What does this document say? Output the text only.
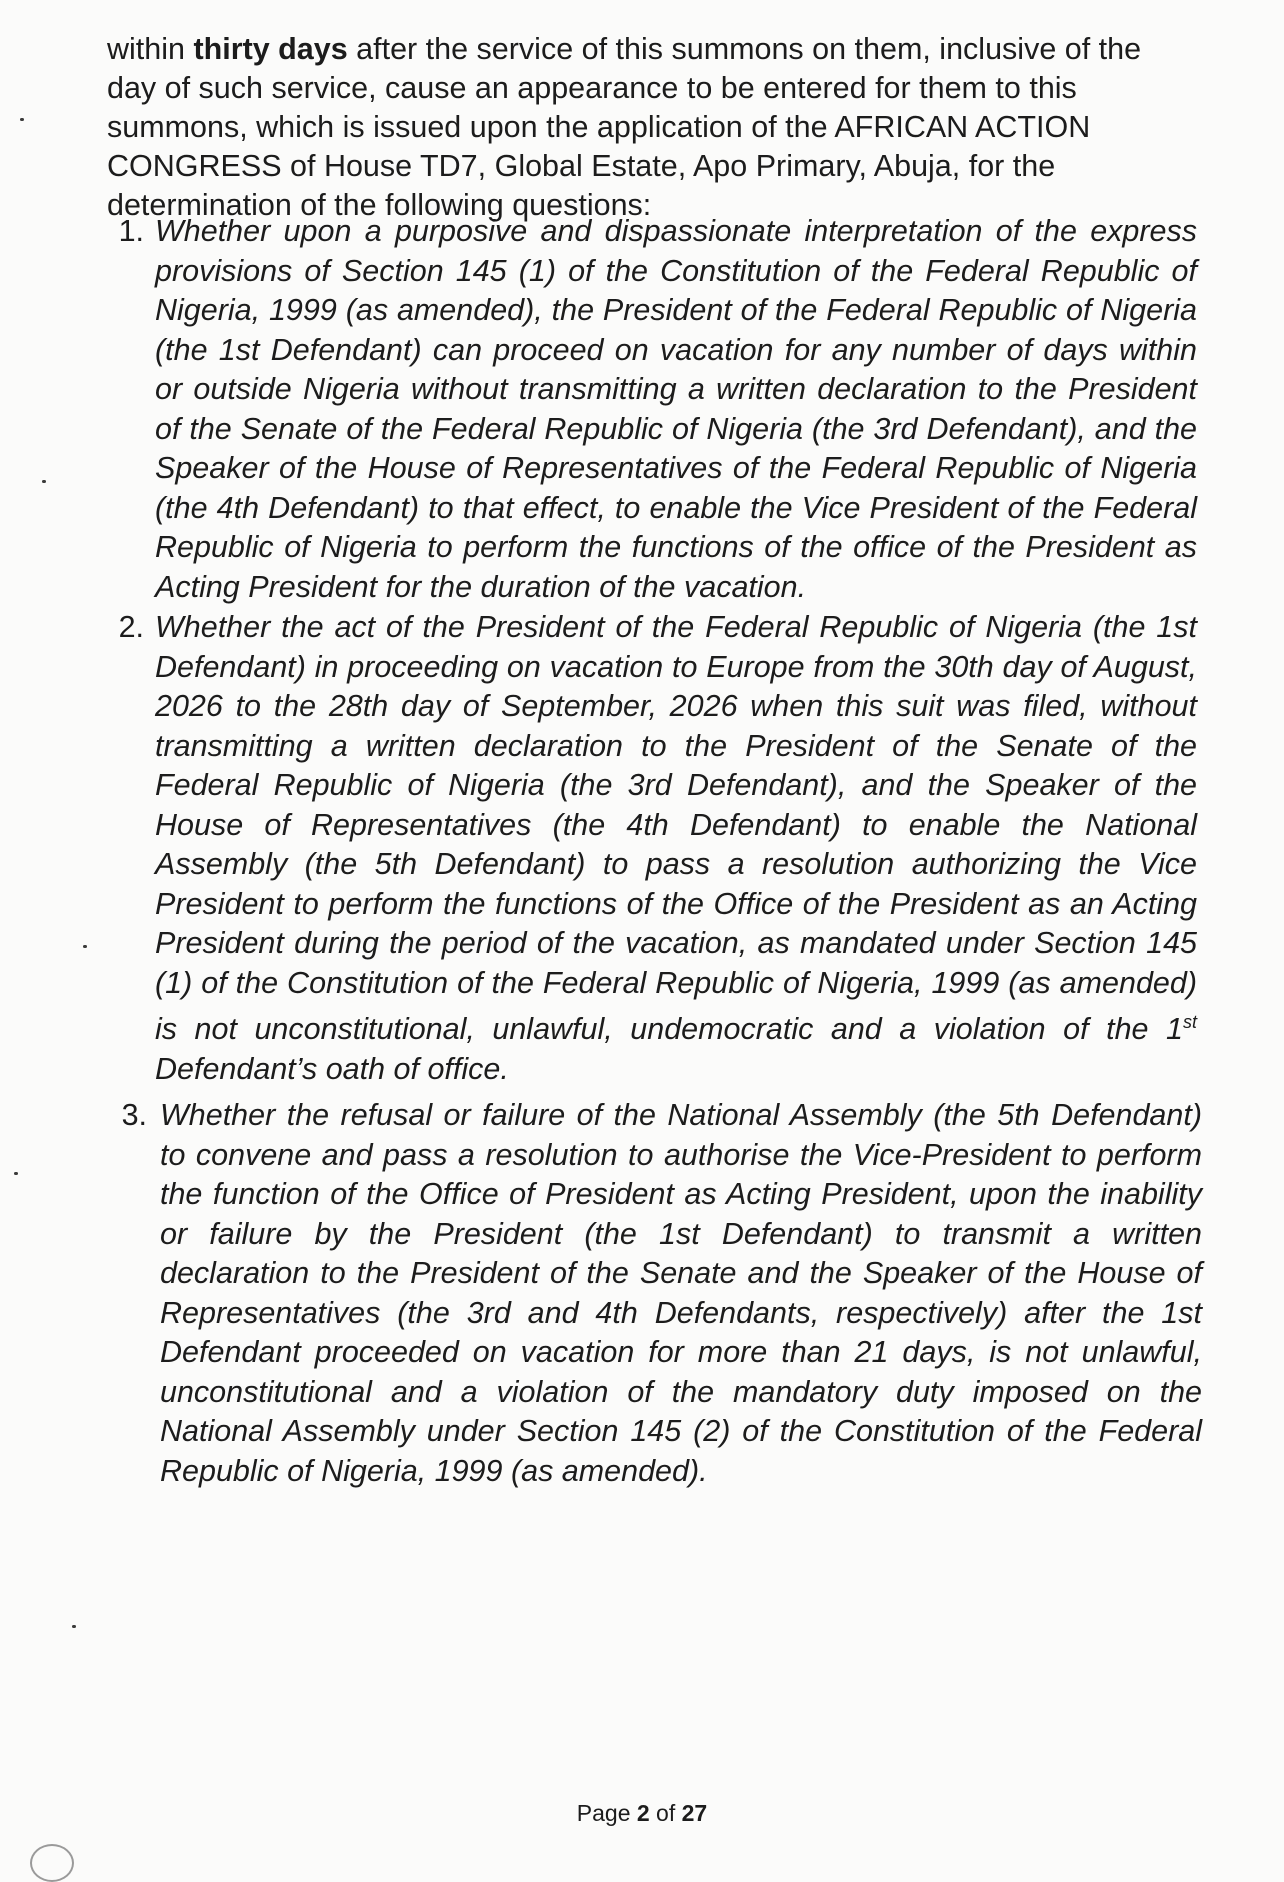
within thirty days after the service of this summons on them, inclusive of the day of such service, cause an appearance to be entered for them to this summons, which is issued upon the application of the AFRICAN ACTION CONGRESS of House TD7, Global Estate, Apo Primary, Abuja, for the determination of the following questions:

1. Whether upon a purposive and dispassionate interpretation of the express provisions of Section 145 (1) of the Constitution of the Federal Republic of Nigeria, 1999 (as amended), the President of the Federal Republic of Nigeria (the 1st Defendant) can proceed on vacation for any number of days within or outside Nigeria without transmitting a written declaration to the President of the Senate of the Federal Republic of Nigeria (the 3rd Defendant), and the Speaker of the House of Representatives of the Federal Republic of Nigeria (the 4th Defendant) to that effect, to enable the Vice President of the Federal Republic of Nigeria to perform the functions of the office of the President as Acting President for the duration of the vacation.

2. Whether the act of the President of the Federal Republic of Nigeria (the 1st Defendant) in proceeding on vacation to Europe from the 30th day of August, 2026 to the 28th day of September, 2026 when this suit was filed, without transmitting a written declaration to the President of the Senate of the Federal Republic of Nigeria (the 3rd Defendant), and the Speaker of the House of Representatives (the 4th Defendant) to enable the National Assembly (the 5th Defendant) to pass a resolution authorizing the Vice President to perform the functions of the Office of the President as an Acting President during the period of the vacation, as mandated under Section 145 (1) of the Constitution of the Federal Republic of Nigeria, 1999 (as amended) is not unconstitutional, unlawful, undemocratic and a violation of the 1st Defendant’s oath of office.

3. Whether the refusal or failure of the National Assembly (the 5th Defendant) to convene and pass a resolution to authorise the Vice-President to perform the function of the Office of President as Acting President, upon the inability or failure by the President (the 1st Defendant) to transmit a written declaration to the President of the Senate and the Speaker of the House of Representatives (the 3rd and 4th Defendants, respectively) after the 1st Defendant proceeded on vacation for more than 21 days, is not unlawful, unconstitutional and a violation of the mandatory duty imposed on the National Assembly under Section 145 (2) of the Constitution of the Federal Republic of Nigeria, 1999 (as amended).

Page 2 of 27
